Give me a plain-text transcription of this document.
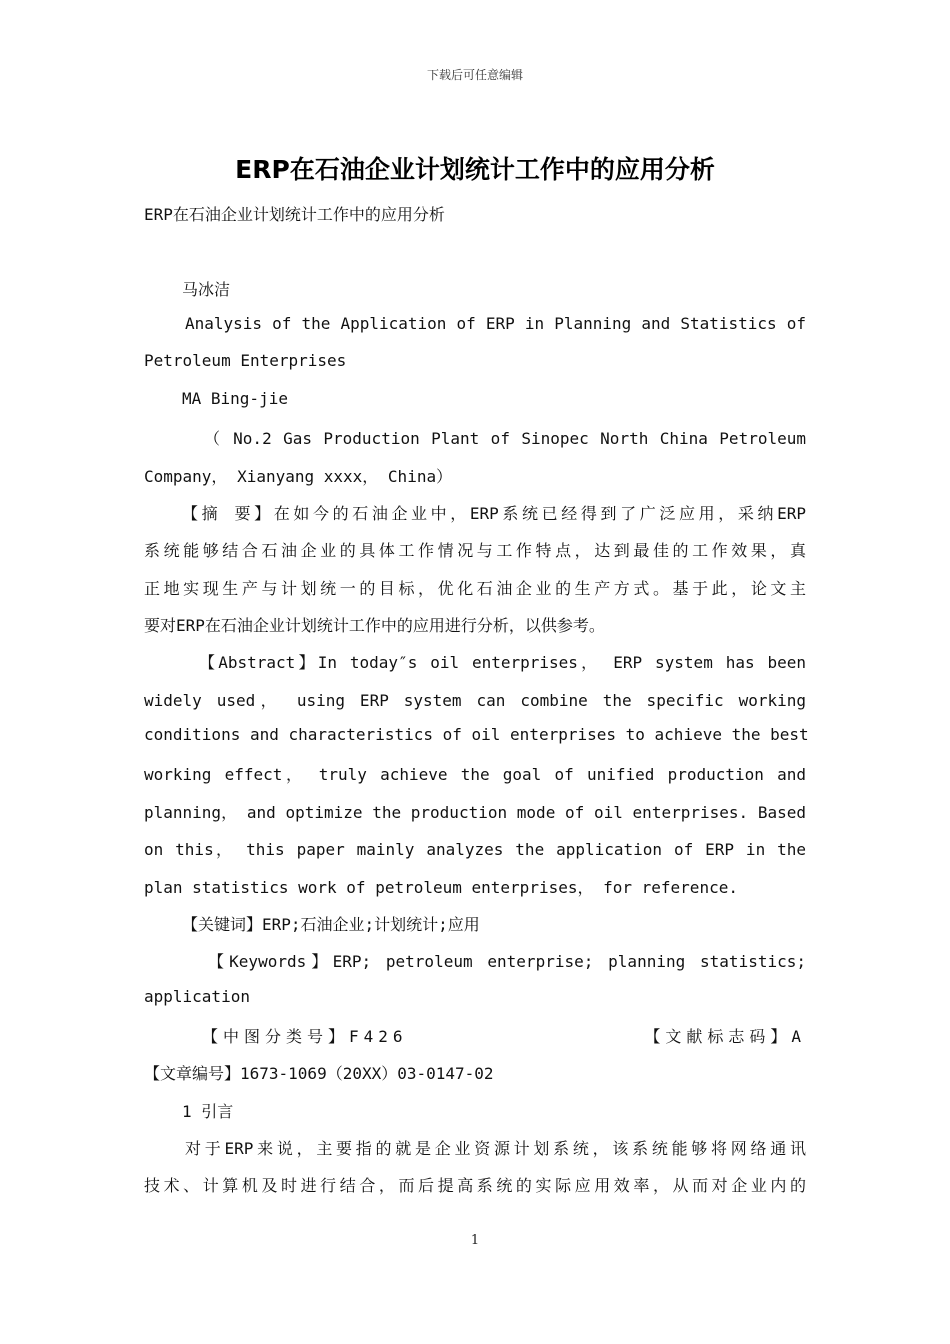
下载后可任意编辑
ERP在石油企业计划统计工作中的应用分析
ERP在石油企业计划统计工作中的应用分析
马冰洁
Analysis of the Application of ERP in Planning and Statistics of
Petroleum Enterprises
MA Bing-jie
（ No.2 Gas Production Plant of Sinopec North China Petroleum
Company， Xianyang xxxx， China）
【摘 要】在如今的石油企业中，ERP系统已经得到了广泛应用，采纳ERP
系统能够结合石油企业的具体工作情况与工作特点，达到最佳的工作效果，真
正地实现生产与计划统一的目标，优化石油企业的生产方式。基于此，论文主
要对ERP在石油企业计划统计工作中的应用进行分析，以供参考。
【Abstract】In today″s oil enterprises， ERP system has been
widely used， using ERP system can combine the specific working
conditions and characteristics of oil enterprises to achieve the best
working effect， truly achieve the goal of unified production and
planning， and optimize the production mode of oil enterprises. Based
on this， this paper mainly analyzes the application of ERP in the
plan statistics work of petroleum enterprises， for reference.
【关键词】ERP;石油企业;计划统计;应用
【Keywords】ERP; petroleum enterprise; planning statistics;
application
【中图分类号】F426	【文献标志码】A
【文章编号】1673-1069（20XX）03-0147-02
1 引言
对于ERP来说，主要指的就是企业资源计划系统，该系统能够将网络通讯
技术、计算机及时进行结合，而后提高系统的实际应用效率，从而对企业内的
1
